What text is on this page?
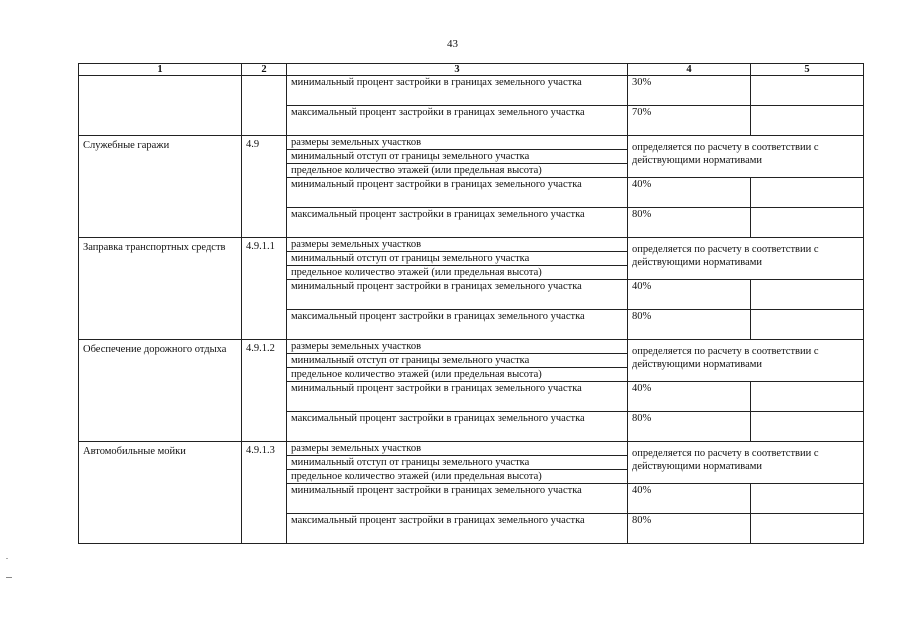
43
1	2	3	4	5
		минимальный процент застройки в границах земельного участка	30%	
		максимальный процент застройки в границах земельного участка	70%	
Служебные гаражи	4.9	размеры земельных участков	определяется по расчету в соответствии с действующими нормативами	
		минимальный отступ от границы земельного участка		
		предельное количество этажей (или предельная высота)		
		минимальный процент застройки в границах земельного участка	40%	
		максимальный процент застройки в границах земельного участка	80%	
Заправка транспортных средств	4.9.1.1	размеры земельных участков	определяется по расчету в соответствии с действующими нормативами	
		минимальный отступ от границы земельного участка		
		предельное количество этажей (или предельная высота)		
		минимальный процент застройки в границах земельного участка	40%	
		максимальный процент застройки в границах земельного участка	80%	
Обеспечение дорожного отдыха	4.9.1.2	размеры земельных участков	определяется по расчету в соответствии с действующими нормативами	
		минимальный отступ от границы земельного участка		
		предельное количество этажей (или предельная высота)		
		минимальный процент застройки в границах земельного участка	40%	
		максимальный процент застройки в границах земельного участка	80%	
Автомобильные мойки	4.9.1.3	размеры земельных участков	определяется по расчету в соответствии с действующими нормативами	
		минимальный отступ от границы земельного участка		
		предельное количество этажей (или предельная высота)		
		минимальный процент застройки в границах земельного участка	40%	
		максимальный процент застройки в границах земельного участка	80%	
